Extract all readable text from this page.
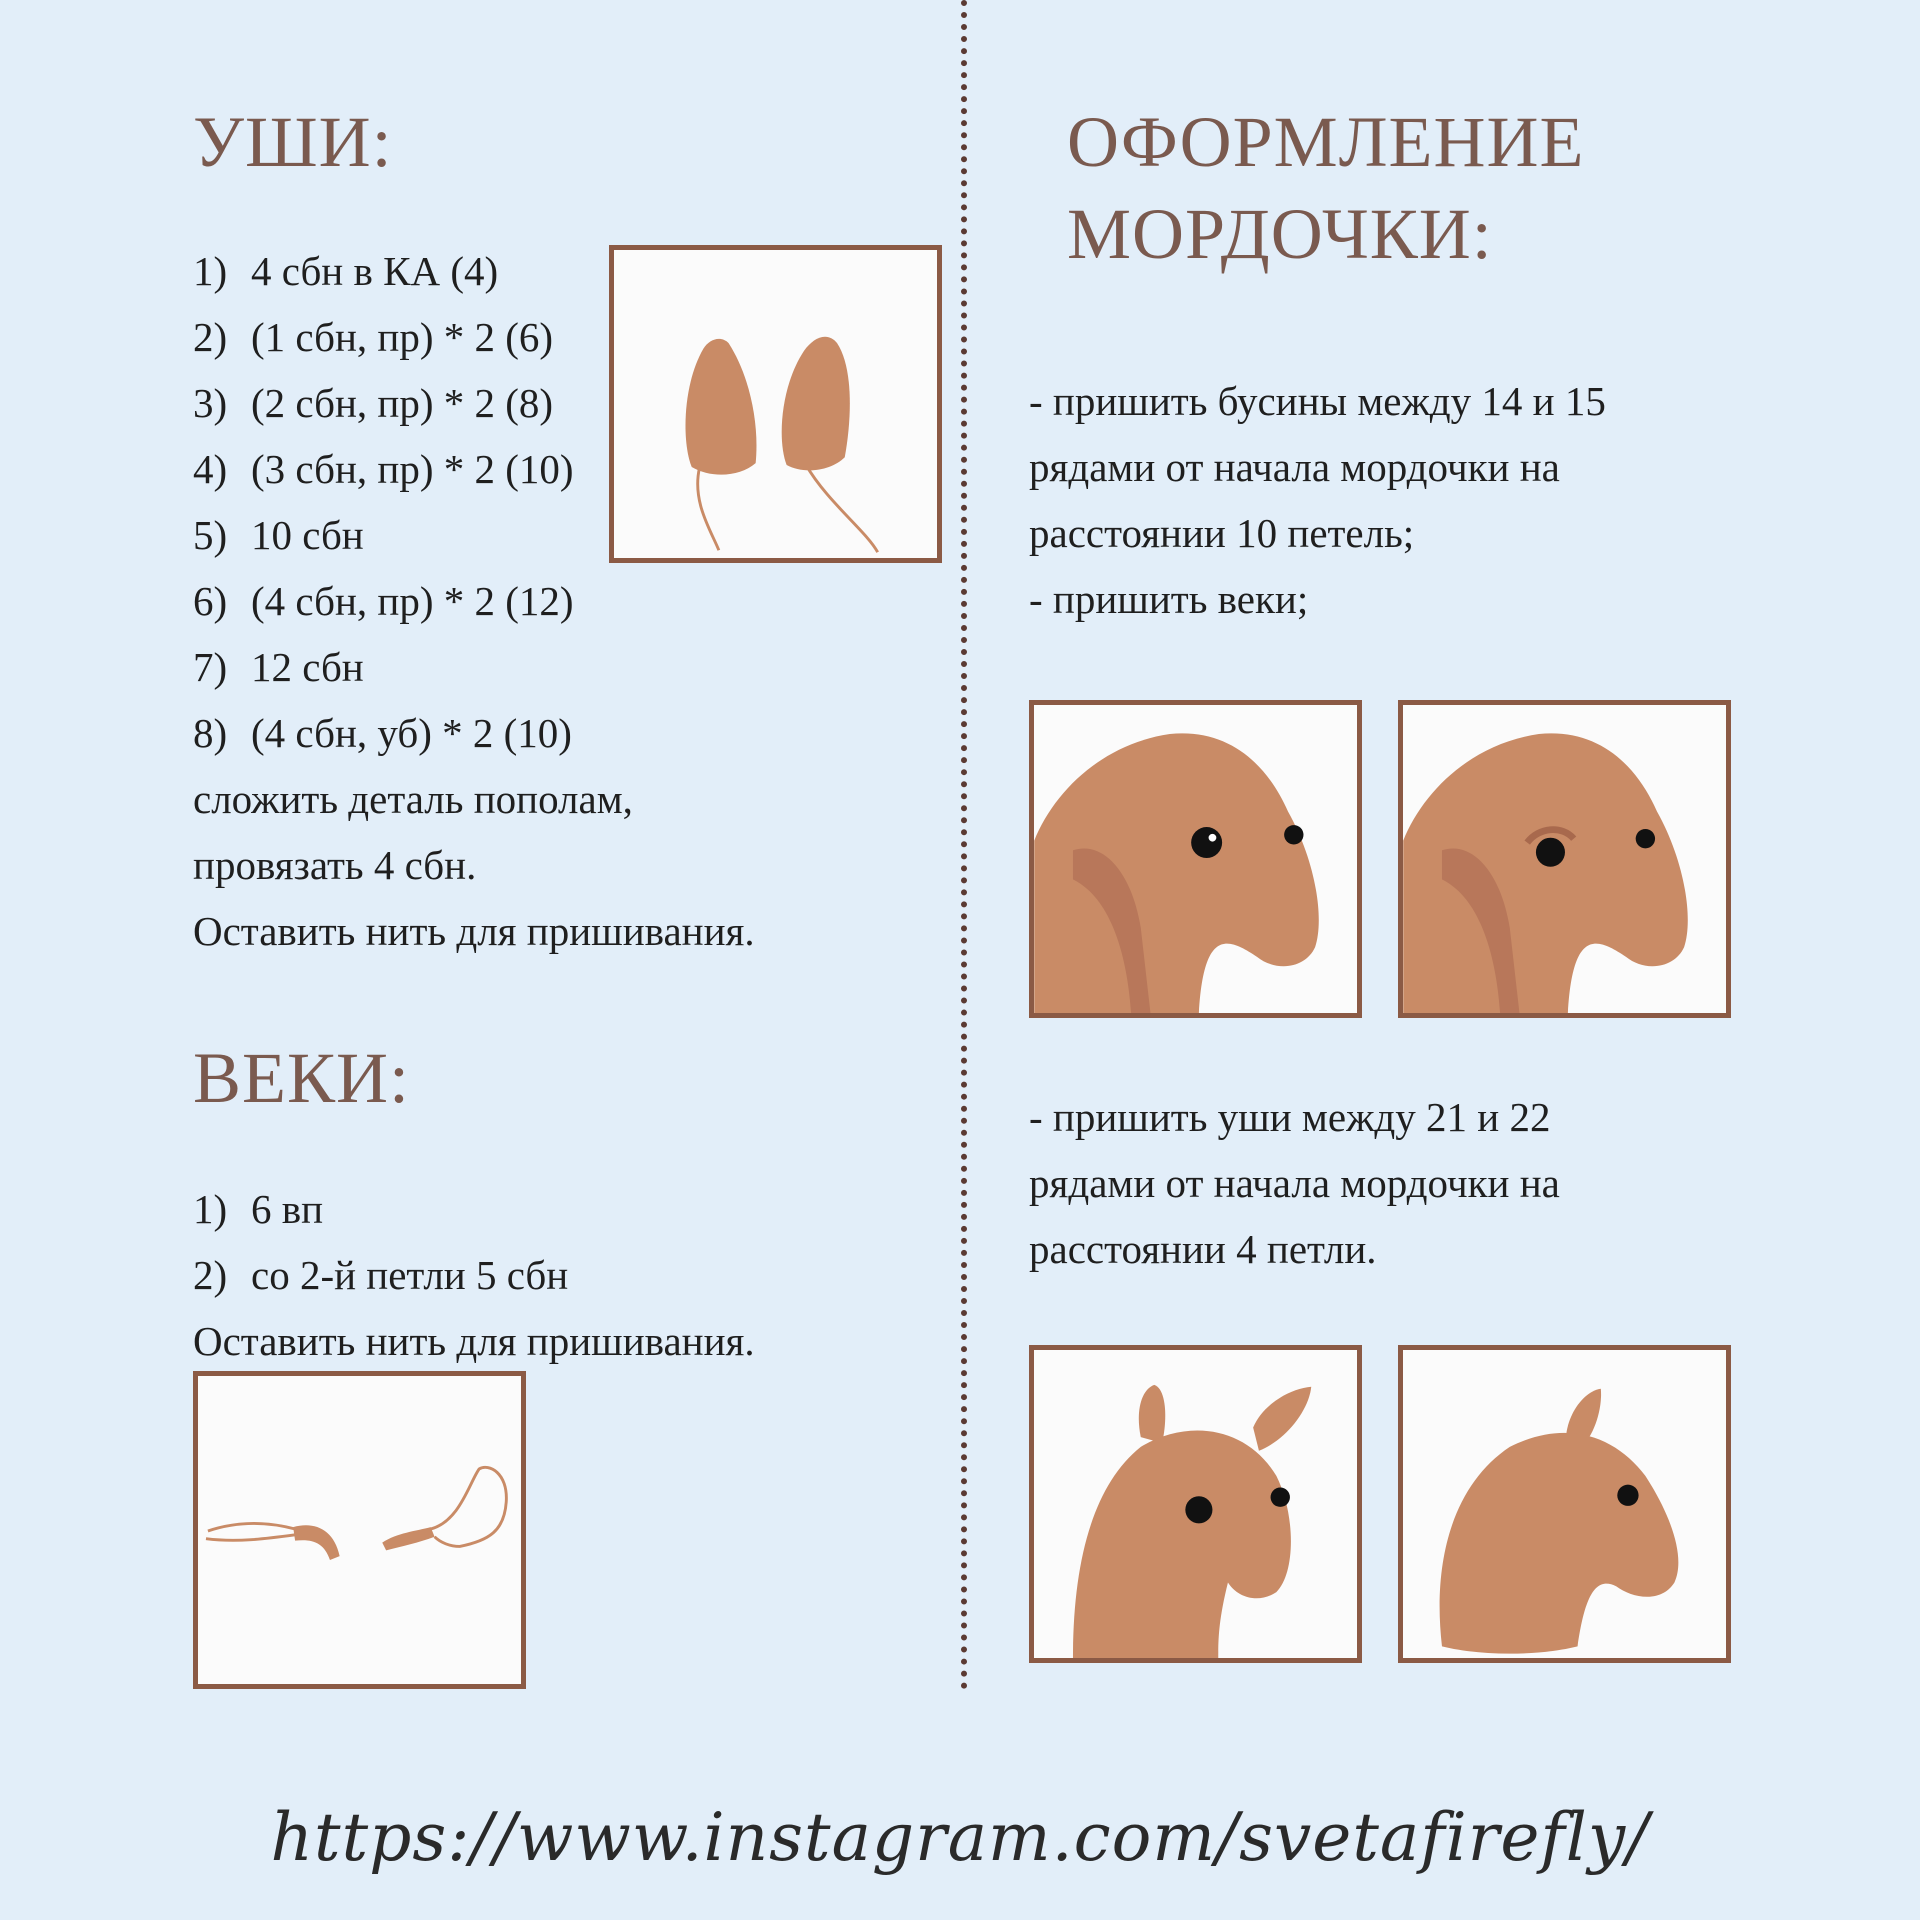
УШИ:
1) 4 сбн в КА (4)
2) (1 сбн, пр) * 2 (6)
3) (2 сбн, пр) * 2 (8)
4) (3 сбн, пр) * 2 (10)
5) 10 сбн
6) (4 сбн, пр) * 2 (12)
7) 12 сбн
8) (4 сбн, уб) * 2 (10)
сложить деталь пополам,
провязать 4 сбн.
Оставить нить для пришивания.
ВЕКИ:
1) 6 вп
2) со 2-й петли 5 сбн
Оставить нить для пришивания.
ОФОРМЛЕНИЕ
МОРДОЧКИ:
- пришить бусины между 14 и 15
рядами от начала мордочки на
расстоянии 10 петель;
- пришить веки;
- пришить уши между 21 и 22
рядами от начала мордочки на
расстоянии 4 петли.
https://www.instagram.com/svetafirefly/
